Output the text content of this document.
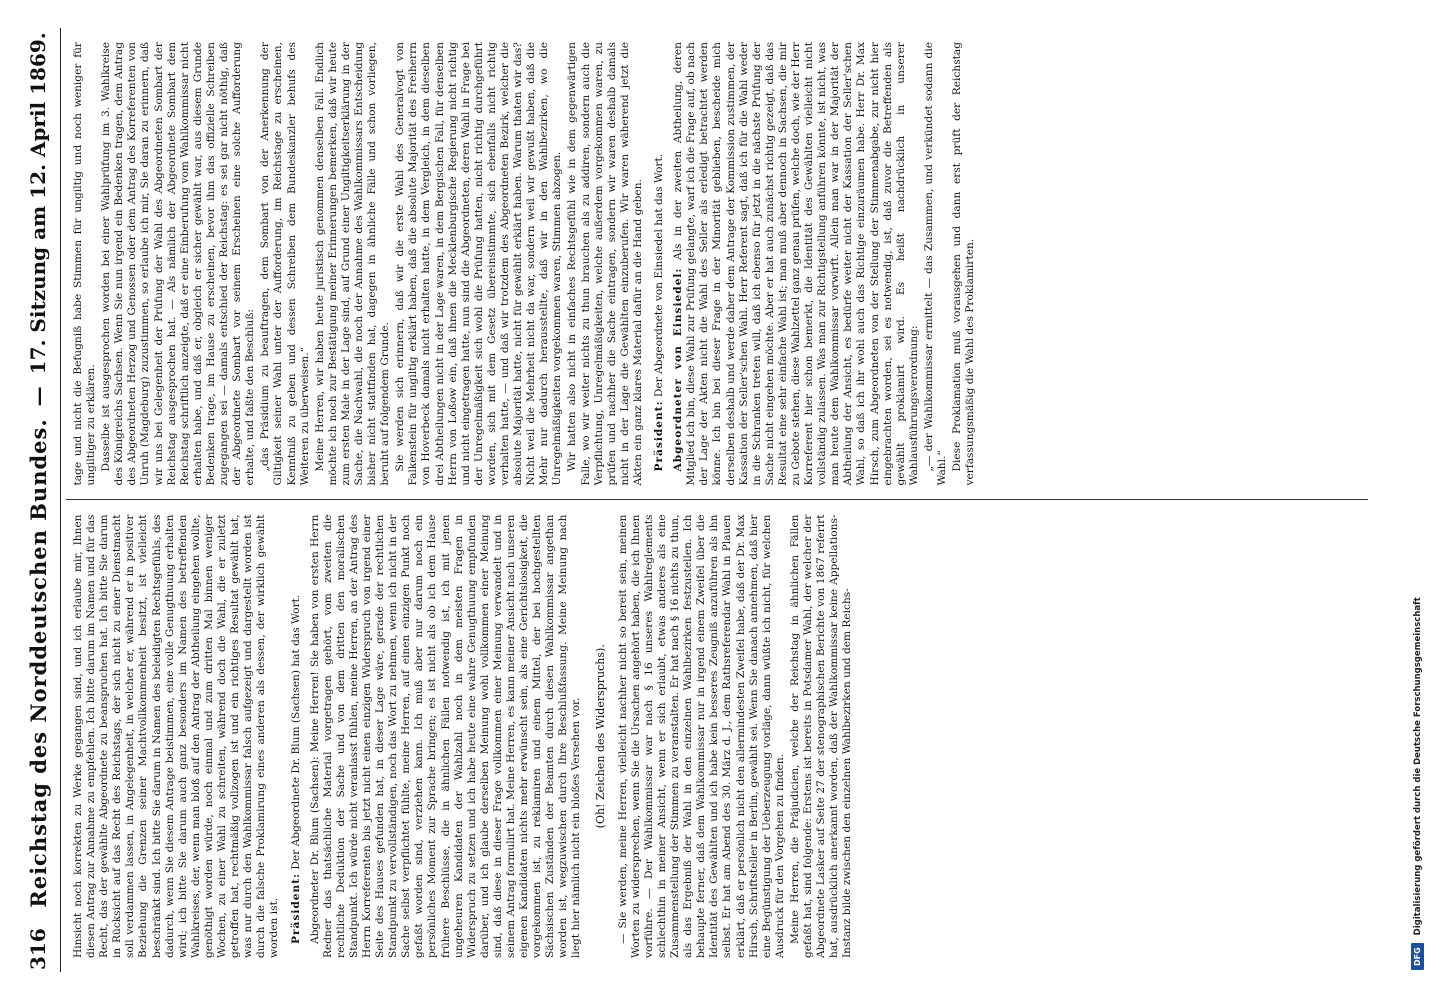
316
Reichstag des Norddeutschen Bundes.
—
17. Sitzung am 12. April 1869.

Hinsicht noch korrekten zu Werke gegangen sind, und ich erlaube mir, Ihnen diesen Antrag zur Annahme zu empfehlen. Ich bitte darum im Namen und für das Recht, das der gewählte Abgeordnete zu beanspruchen hat. Ich bitte Sie darum in Rücksicht auf das Recht des Reichstags, der sich nicht zu einer Dienstmacht soll verdammen lassen, in Angelegenheit, in welcher er, während er in positiver Beziehung die Grenzen seiner Machtvollkommenheit besitzt, ist vielleicht beschränkt sind. Ich bitte Sie darum in Namen des beleidigten Rechtsgefühls, des dadurch, wenn Sie diesem Antrage beistimmen, eine volle Genugthuung erhalten wird; ich bitte Sie darum auch ganz besonders im Namen des betreffenden Wahlkreises, der, wenn man bloß auf den Antrag der Abtheilung eingehen wollte, genöthigt worden würde, noch einmal und zum dritten Mal binnen weniger Wochen, zu einer Wahl zu schreiten, während doch die Wahl, die er zuletzt getroffen hat, rechtmäßig vollzogen ist und ein richtiges Resultat gewählt hat, was nur durch den Wahlkommissar falsch aufgezeigt und dargestellt worden ist durch die falsche Proklamirung eines anderen als dessen, der wirklich gewählt worden ist. Präsident: Der Abgeordnete Dr. Blum (Sachsen) hat das Wort. Abgeordneter Dr. Blum (Sachsen): Meine Herren! Sie haben von ersten Herrn Redner das thatsächliche Material vorgetragen gehört, vom zweiten die rechtliche Deduktion der Sache und von dem dritten den moralischen Standpunkt. Ich würde nicht veranlasst fühlen, meine Herren, an der Antrag des Herrn Korreferenten bis jetzt nicht einen einzigen Widerspruch von irgend einer Seite des Hauses gefunden hat, in dieser Lage wäre, gerade der rechtlichen Standpunkt zu vervollständigen, noch das Wort zu nehmen, wenn ich nicht in der Sache selbst verpflichtet fühlte, meine Herren, auf einen einzigen Punkt noch gefaßt worden sind, verziehen kann. Ich muß aber nur darum noch ein persönliches Moment zur Sprache bringen; es ist nicht als ob ich dem Hause frühere Beschlüsse, die in ähnlichen Fällen notwendig ist, ich mit jenen ungeheuren Kandidaten der Wahlzahl noch in dem meisten Fragen in Widerspruch zu setzen und ich habe heute eine wahre Genugthuung empfunden darüber, und ich glaube derselben Meinung wohl vollkommen einer Meinung sind, daß diese in dieser Frage vollkommen einer Meinung verwandelt und in seinem Antrag formulirt hat. Meine Herren, es kann meiner Ansicht nach unseren eigenen Kandidaten nichts mehr erwünscht sein, als eine Gerichtslosigkeit, die vorgekommen ist, zu reklamiren und einem Mittel, der bei hochgestellten Sächsischen Zuständen der Beamten durch diesen Wahlkommissar angethan worden ist, wegzuwischen durch Ihre Beschlußfassung. Meine Meinung nach liegt hier nämlich nicht ein bloßes Versehen vor. (Oh! Zeichen des Widerspruchs). — Sie werden, meine Herren, vielleicht nachher nicht so bereit sein, meinen Worten zu widersprechen, wenn Sie die Ursachen angehört haben, die ich Ihnen vorführe. — Der Wahlkommissar war nach § 16 unseres Wahlreglements schlechthin in meiner Ansicht, wenn er sich erlaubt, etwas anderes als eine Zusammenstellung der Stimmen zu veranstalten. Er hat nach § 16 nichts zu thun, als das Ergebniß der Wahl in den einzelnen Wahlbezirken festzustellen. Ich behaupte ferner, daß dem Wahlkommissar nur in irgend einem Zweifel über die Identität des Gewählten und ich habe kein besseres Zeugniß anzuführen als ihn selbst. Er hat am Abend des 30. März d. J., dem Rathsreferendar Wahl in Plauen erklärt, daß er persönlich nicht den allermindesten Zweifel habe, daß der Dr. Max Hirsch, Schriftsteller in Berlin, gewählt sei. Wenn Sie danach annehmen, daß hier eine Begünstigung der Ueberzeugung vorläge, dann wüßte ich nicht, für welchen Ausdruck für den Vorgehen zu finden. Meine Herren, die Präjudicien, welche der Reichstag in ähnlichen Fällen gefaßt hat, sind folgende: Erstens ist bereits in Potsdamer Wahl, der welcher der Abgeordnete Lasker auf Seite 27 der stenographischen Berichte von 1867 referirt hat, ausdrücklich anerkannt worden, daß der Wahlkommissar keine Appellations-Instanz bilde zwischen den einzelnen Wahlbezirken und dem Reichs-

tage und nicht die Befugniß habe Stimmen für ungiltig und noch weniger für ungiltiger zu erklären. Dasselbe ist ausgesprochen worden bei einer Wahlprüfung im 3. Wahlkreise des Königreichs Sachsen. Wenn Sie nun irgend ein Bedenken tragen, dem Antrag des Abgeordneten Herzog und Genossen oder dem Antrag des Korreferenten von Unruh (Magdeburg) zuzustimmen, so erlaube ich mir, Sie daran zu erinnern, daß wir uns bei Gelegenheit der Prüfung der Wahl des Abgeordneten Sombart der Reichstag ausgesprochen hat. — Als nämlich der Abgeordnete Sombart dem Reichstag schriftlich anzeigte, daß er eine Einberufung vom Wahlkommissar nicht erhalten habe, und daß er, obgleich er sicher gewählt war, aus diesem Grunde Bedenken trage, im Hause zu erscheinen, bevor ihm das offizielle Schreiben zugegangen sei — damals entschied der Reichstag: es sei gar nicht nöthig, daß der Abgeordnete Sombart vor seinem Erscheinen eine solche Aufforderung erhalte, und faßte den Beschluß: „das Präsidium zu beauftragen, dem Sombart von der Anerkennung der Giltigkeit seiner Wahl unter der Aufforderung, im Reichstage zu erscheinen, Kenntniß zu geben und dessen Schreiben dem Bundeskanzler behufs des Weiteren zu überweisen.“ Meine Herren, wir haben heute juristisch genommen denselben Fall. Endlich möchte ich noch zur Bestätigung meiner Erinnerungen bemerken, daß wir heute zum ersten Male in der Lage sind, auf Grund einer Ungiltigkeitserklärung in der Sache, die Nachwahl, die noch der Annahme des Wahlkommissars Entscheidung bisher nicht stattfinden hat, dagegen in ähnliche Fälle und schon vorliegen, beruht auf folgendem Grunde. Sie werden sich erinnern, daß wir die erste Wahl des Generalvogt von Falkenstein für ungiltig erklärt haben, daß die absolute Majorität des Freiherrn von Hoverbeck damals nicht erhalten hatte, in dem Vergleich, in dem dieselben drei Abtheilungen nicht in der Lage waren, in dem Bergischen Fall, für denselben Herrn von Loßow ein, daß ihnen die Mecklenburgische Regierung nicht richtig und nicht eingetragen hatte, nun sind die Abgeordneten, deren Wahl in Frage bei der Unregelmäßigkeit sich wohl die Prüfung hatten, nicht richtig durchgeführt worden, sich mit dem Gesetz übereinstimmte, sich ebenfalls nicht richtig verhalten hatte, — und daß wir trotzdem des Abgeordneten Bezirk, welcher die absolute Majorität hatte, nicht für gewählt erklärt haben. Warum thaten wir das? Nicht weil die Mehrheit nicht da war, sondern weil wir gewußt haben, daß die Mehr nur dadurch herausstellte, daß wir in den Wahlbezirken, wo die Unregelmäßigkeiten vorgekommen waren, Stimmen abzogen. Wir hatten also nicht in einfaches Rechtsgefühl wie in dem gegenwärtigen Falle, wo wir weiter nichts zu thun brauchen als zu addiren, sondern auch die Verpflichtung, Unregelmäßigkeiten, welche außerdem vorgekommen waren, zu prüfen und nachher die Sache eintragen, sondern wir waren deshalb damals nicht in der Lage die Gewählten einzuberufen. Wir waren wäherend jetzt die Akten ein ganz klares Material dafür an die Hand geben. Präsident: Der Abgeordnete von Einsiedel hat das Wort. Abgeordneter von Einsiedel: Als in der zweiten Abtheilung, deren Mitglied ich bin, diese Wahl zur Prüfung gelangte, warf ich die Frage auf, ob nach der Lage der Akten nicht die Wahl des Seller als erledigt betrachtet werden könne. Ich bin bei dieser Frage in der Minorität geblieben, bescheide mich derselben deshalb und werde daher dem Antrage der Kommission zustimmen, der Kassation der Seller'schen Wahl. Herr Referent sagt, daß ich für die Wahl weder in die Schranken treten will, daß ich ebenso für jetzt in die nächste Prüfung der Sache nicht eingehen möchte. Aber er hat auch zunächst richtig gezeigt, daß das Resultat eine sehr einfache Wahl ist; man muß aber dennoch in Sachsen, die mir zu Gebote stehen, diese Wahlzettel ganz genau prüfen, welche doch, wie der Herr Korreferent hier schon bemerkt, die Identität des Gewählten vielleicht nicht vollständig zulassen. Was man zur Richtigstellung anführen könnte, ist nicht, was man heute dem Wahlkommissar vorwirft. Allein man war in der Majorität der Abtheilung der Ansicht, es bedürfe weiter nicht der Kassation der Seller'schen Wahl, so daß ich ihr wohl auch das Richtige einzuräumen habe. Herr Dr. Max Hirsch, zum Abgeordneten von der Stellung der Stimmenabgabe, zur nicht hier eingebrachten worden, sei es notwendig, ist, daß zuvor die Betreffenden als gewählt proklamirt wird. Es heißt nachdrücklich in unserer Wahlausführungsverordnung: „— der Wahlkommissar ermittelt — das Zusammen, und verkündet sodann die Wahl.“ Diese Proklamation muß vorausgehen und dann erst prüft der Reichstag verfassungsmäßig die Wahl des Proklamirten.

DFG
Digitalisierung gefördert durch die Deutsche Forschungsgemeinschaft
